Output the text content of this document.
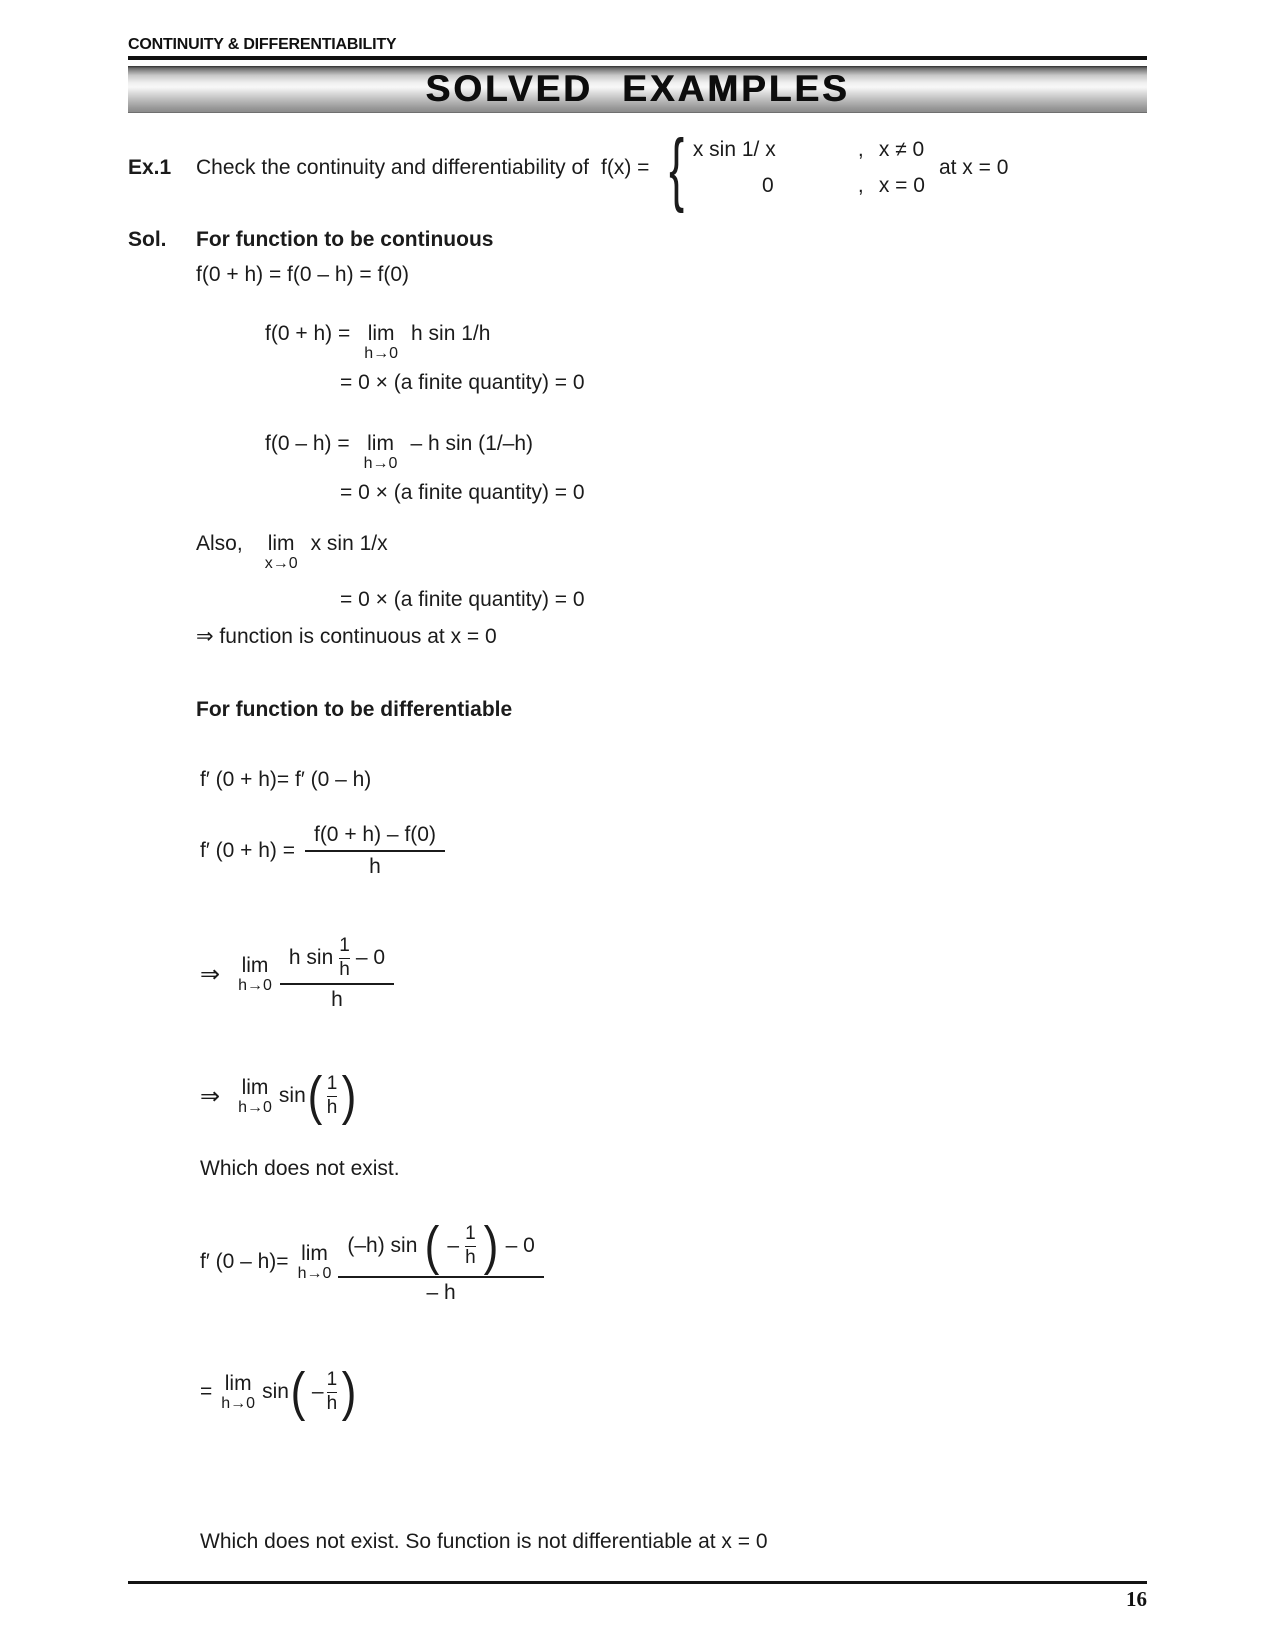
CONTINUITY & DIFFERENTIABILITY
SOLVED EXAMPLES
Ex.1	Check the continuity and differentiability of f(x) = { x sin 1/ x	, x ≠ 0
0	, x = 0
at x = 0
Sol.	For function to be continuous
f(0 + h) = f(0 – h) = f(0)
f(0 + h) = lim
h→0
h sin 1/h
= 0 × (a finite quantity) = 0
f(0 – h) = lim
h→0
– h sin (1/–h)
= 0 × (a finite quantity) = 0
Also, lim
x→0
x sin 1/x
= 0 × (a finite quantity) = 0
⇒ function is continuous at x = 0
For function to be differentiable
f′ (0 + h)= f′ (0 – h)
f′ $(0 + h) = \frac{f(0 + h) - f(0)}{h}$
⇒ lim
h→0
h sin
1
h
– 0
h
⇒ lim
h→0 sin ( 1
h )
Which does not exist.
f′ (0 – h)= lim
h→0
(–h) sin ( –
1
h ) – 0
– h
= lim
h→0 sin ( –
1
h )
Which does not exist. So function is not differentiable at x = 0
16
